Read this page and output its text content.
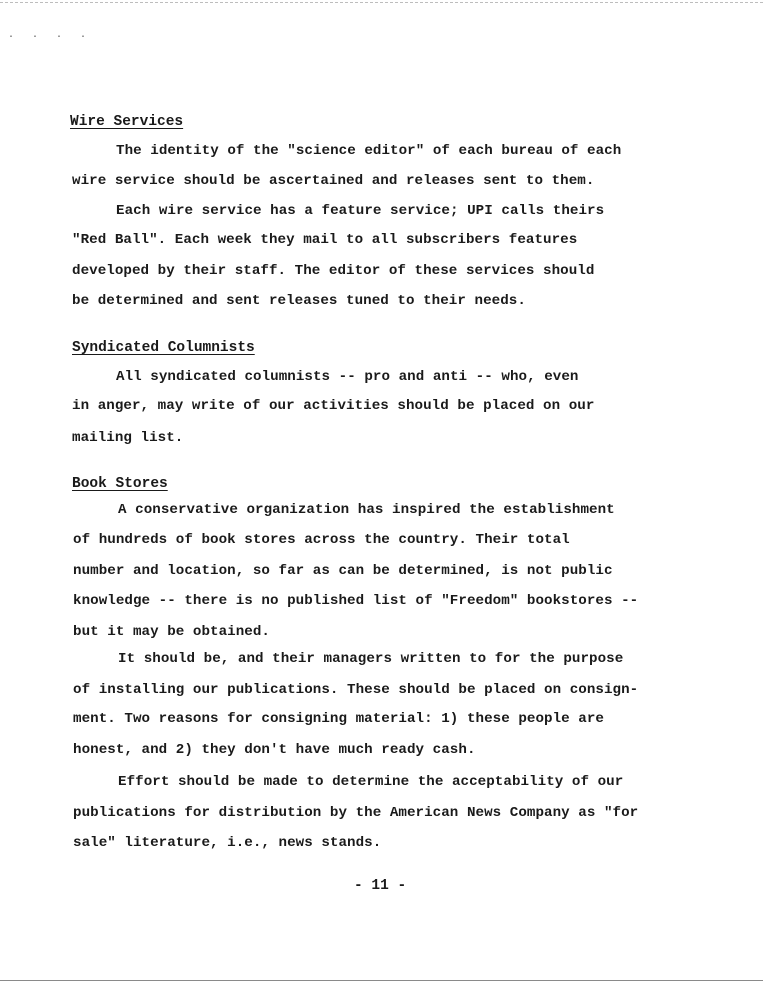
. . . .
Wire Services
The identity of the "science editor" of each bureau of each
wire service should be ascertained and releases sent to them.
Each wire service has a feature service; UPI calls theirs
"Red Ball". Each week they mail to all subscribers features
developed by their staff. The editor of these services should
be determined and sent releases tuned to their needs.
Syndicated Columnists
All syndicated columnists -- pro and anti -- who, even
in anger, may write of our activities should be placed on our
mailing list.
Book Stores
A conservative organization has inspired the establishment
of hundreds of book stores across the country. Their total
number and location, so far as can be determined, is not public
knowledge -- there is no published list of "Freedom" bookstores --
but it may be obtained.
It should be, and their managers written to for the purpose
of installing our publications. These should be placed on consign-
ment. Two reasons for consigning material: 1) these people are
honest, and 2) they don't have much ready cash.
Effort should be made to determine the acceptability of our
publications for distribution by the American News Company as "for
sale" literature, i.e., news stands.
- 11 -
